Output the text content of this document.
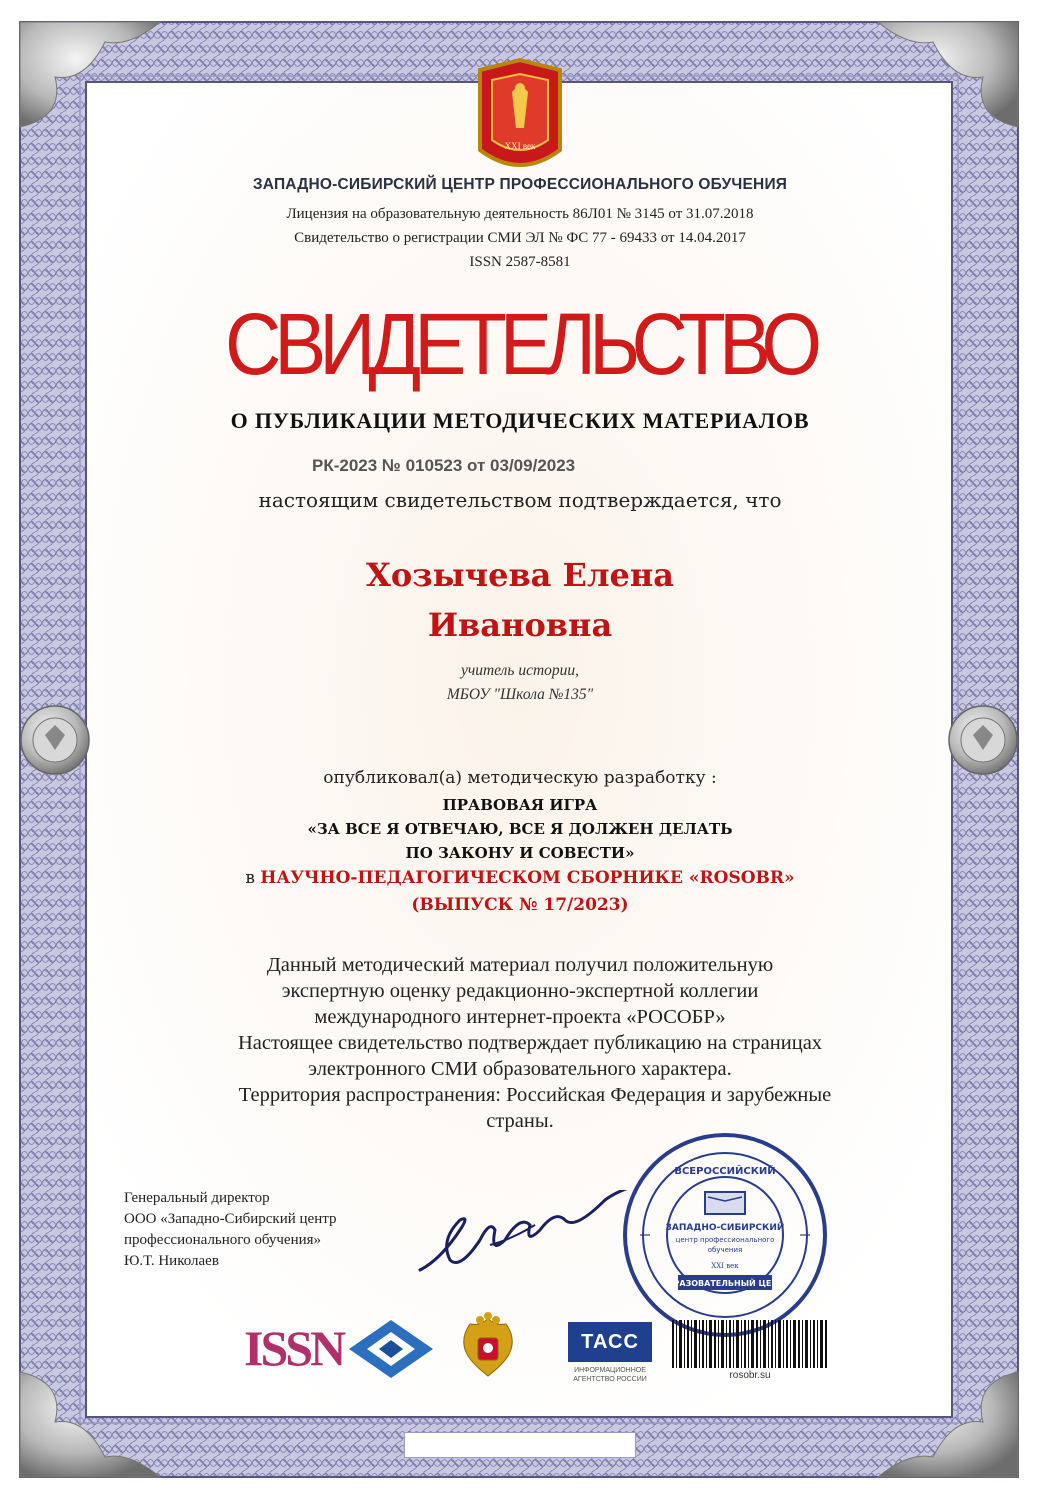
XXI век
ЗАПАДНО-СИБИРСКИЙ ЦЕНТР ПРОФЕССИОНАЛЬНОГО ОБУЧЕНИЯ
Лицензия на образовательную деятельность 86Л01 № 3145 от 31.07.2018
Свидетельство о регистрации СМИ ЭЛ № ФС 77 - 69433 от 14.04.2017
ISSN 2587-8581
СВИДЕТЕЛЬСТВО
О ПУБЛИКАЦИИ МЕТОДИЧЕСКИХ МАТЕРИАЛОВ
РК-2023 № 010523 от 03/09/2023
настоящим свидетельством подтверждается, что
Хозычева Елена
Ивановна
учитель истории,
МБОУ "Школа №135"
опубликовал(а) методическую разработку :
ПРАВОВАЯ ИГРА
«ЗА ВСЕ Я ОТВЕЧАЮ, ВСЕ Я ДОЛЖЕН ДЕЛАТЬ
ПО ЗАКОНУ И СОВЕСТИ»
в НАУЧНО-ПЕДАГОГИЧЕСКОМ СБОРНИКЕ «ROSOBR»
(ВЫПУСК № 17/2023)
Данный методический материал получил положительную
экспертную оценку редакционно-экспертной коллегии
международного интернет-проекта «РОСОБР»
Настоящее свидетельство подтверждает публикацию на страницах
электронного СМИ образовательного характера.
Территория распространения: Российская Федерация и зарубежные
страны.
Генеральный директор
ООО «Западно-Сибирский центр
профессионального обучения»
Ю.Т. Николаев
ВСЕРОССИЙСКИЙ
ЗАПАДНО-СИБИРСКИЙ
центр профессионального
обучения
XXI век
ОБРАЗОВАТЕЛЬНЫЙ ЦЕНТР
ISSN	ТАСС
ИНФОРМАЦИОННОЕ
АГЕНТСТВО РОССИИ	rosobr.su
